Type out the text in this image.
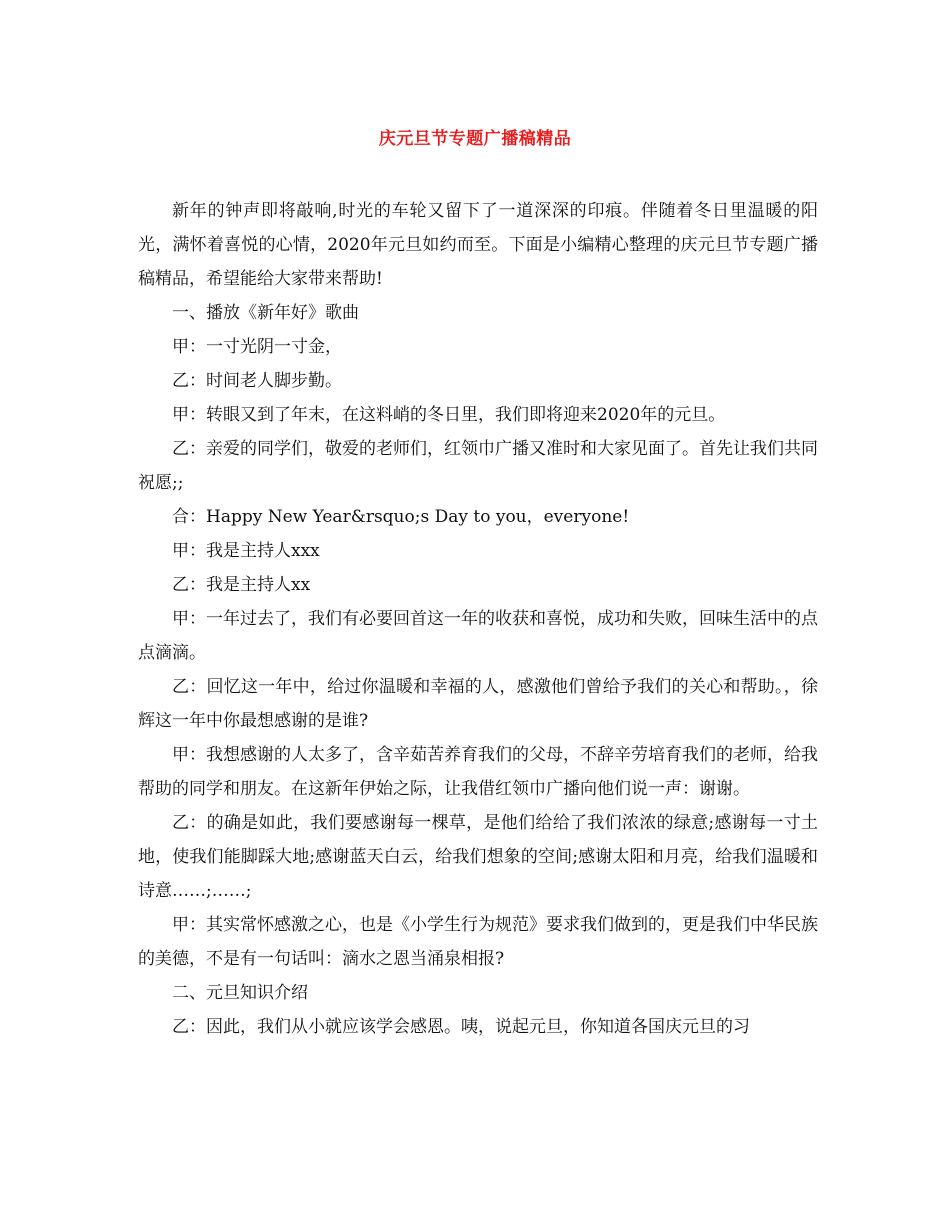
庆元旦节专题广播稿精品

新年的钟声即将敲响,时光的车轮又留下了一道深深的印痕。伴随着冬日里温暖的阳光，满怀着喜悦的心情，2020年元旦如约而至。下面是小编精心整理的庆元旦节专题广播稿精品，希望能给大家带来帮助!

一、播放《新年好》歌曲

甲：一寸光阴一寸金，

乙：时间老人脚步勤。

甲：转眼又到了年末，在这料峭的冬日里，我们即将迎来2020年的元旦。

乙：亲爱的同学们，敬爱的老师们，红领巾广播又准时和大家见面了。首先让我们共同祝愿;;

合：Happy New Year&rsquo;s Day to you，everyone!

甲：我是主持人xxx

乙：我是主持人xx

甲：一年过去了，我们有必要回首这一年的收获和喜悦，成功和失败，回味生活中的点点滴滴。

乙：回忆这一年中，给过你温暖和幸福的人，感激他们曾给予我们的关心和帮助。，徐辉这一年中你最想感谢的是谁?

甲：我想感谢的人太多了，含辛茹苦养育我们的父母，不辞辛劳培育我们的老师，给我帮助的同学和朋友。在这新年伊始之际，让我借红领巾广播向他们说一声：谢谢。

乙：的确是如此，我们要感谢每一棵草，是他们给给了我们浓浓的绿意;感谢每一寸土地，使我们能脚踩大地;感谢蓝天白云，给我们想象的空间;感谢太阳和月亮，给我们温暖和诗意……;……;

甲：其实常怀感激之心，也是《小学生行为规范》要求我们做到的，更是我们中华民族的美德，不是有一句话叫：滴水之恩当涌泉相报?

二、元旦知识介绍

乙：因此，我们从小就应该学会感恩。咦，说起元旦，你知道各国庆元旦的习
